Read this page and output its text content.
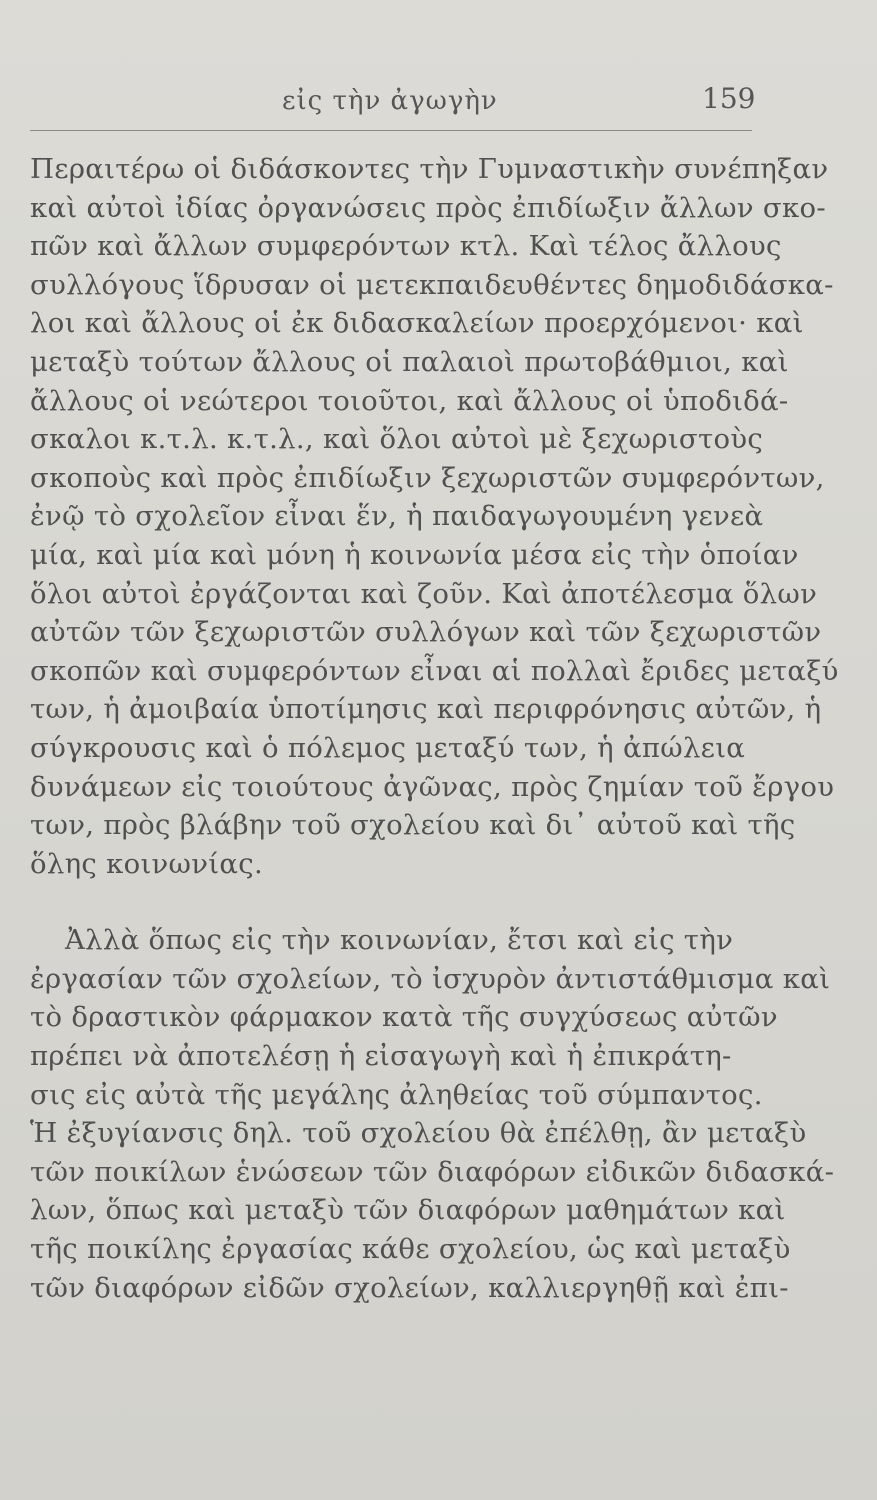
εἰς τὴν ἀγωγὴν	159
Περαιτέρω οἱ διδάσκοντες τὴν Γυμναστικὴν συνέπηξαν
καὶ αὐτοὶ ἰδίας ὀργανώσεις πρὸς ἐπιδίωξιν ἄλλων σκο-
πῶν καὶ ἄλλων συμφερόντων κτλ. Καὶ τέλος ἄλλους
συλλόγους ἵδρυσαν οἱ μετεκπαιδευθέντες δημοδιδάσκα-
λοι καὶ ἄλλους οἱ ἐκ διδασκαλείων προερχόμενοι· καὶ
μεταξὺ τούτων ἄλλους οἱ παλαιοὶ πρωτοβάθμιοι, καὶ
ἄλλους οἱ νεώτεροι τοιοῦτοι, καὶ ἄλλους οἱ ὑποδιδά-
σκαλοι κ.τ.λ. κ.τ.λ., καὶ ὅλοι αὐτοὶ μὲ ξεχωριστοὺς
σκοποὺς καὶ πρὸς ἐπιδίωξιν ξεχωριστῶν συμφερόντων,
ἐνῷ τὸ σχολεῖον εἶναι ἕν, ἡ παιδαγωγουμένη γενεὰ
μία, καὶ μία καὶ μόνη ἡ κοινωνία μέσα εἰς τὴν ὁποίαν
ὅλοι αὐτοὶ ἐργάζονται καὶ ζοῦν. Καὶ ἀποτέλεσμα ὅλων
αὐτῶν τῶν ξεχωριστῶν συλλόγων καὶ τῶν ξεχωριστῶν
σκοπῶν καὶ συμφερόντων εἶναι αἱ πολλαὶ ἔριδες μεταξύ
των, ἡ ἀμοιβαία ὑποτίμησις καὶ περιφρόνησις αὐτῶν, ἡ
σύγκρουσις καὶ ὁ πόλεμος μεταξύ των, ἡ ἀπώλεια
δυνάμεων εἰς τοιούτους ἀγῶνας, πρὸς ζημίαν τοῦ ἔργου
των, πρὸς βλάβην τοῦ σχολείου καὶ δι᾽ αὐτοῦ καὶ τῆς
ὅλης κοινωνίας.
Ἀλλὰ ὅπως εἰς τὴν κοινωνίαν, ἔτσι καὶ εἰς τὴν
ἐργασίαν τῶν σχολείων, τὸ ἰσχυρὸν ἀντιστάθμισμα καὶ
τὸ δραστικὸν φάρμακον κατὰ τῆς συγχύσεως αὐτῶν
πρέπει νὰ ἀποτελέσῃ ἡ εἰσαγωγὴ καὶ ἡ ἐπικράτη-
σις εἰς αὐτὰ τῆς μεγάλης ἀληθείας τοῦ σύμπαντος.
Ἡ ἐξυγίανσις δηλ. τοῦ σχολείου θὰ ἐπέλθῃ, ἂν μεταξὺ
τῶν ποικίλων ἑνώσεων τῶν διαφόρων εἰδικῶν διδασκά-
λων, ὅπως καὶ μεταξὺ τῶν διαφόρων μαθημάτων καὶ
τῆς ποικίλης ἐργασίας κάθε σχολείου, ὡς καὶ μεταξὺ
τῶν διαφόρων εἰδῶν σχολείων, καλλιεργηθῇ καὶ ἐπι-
